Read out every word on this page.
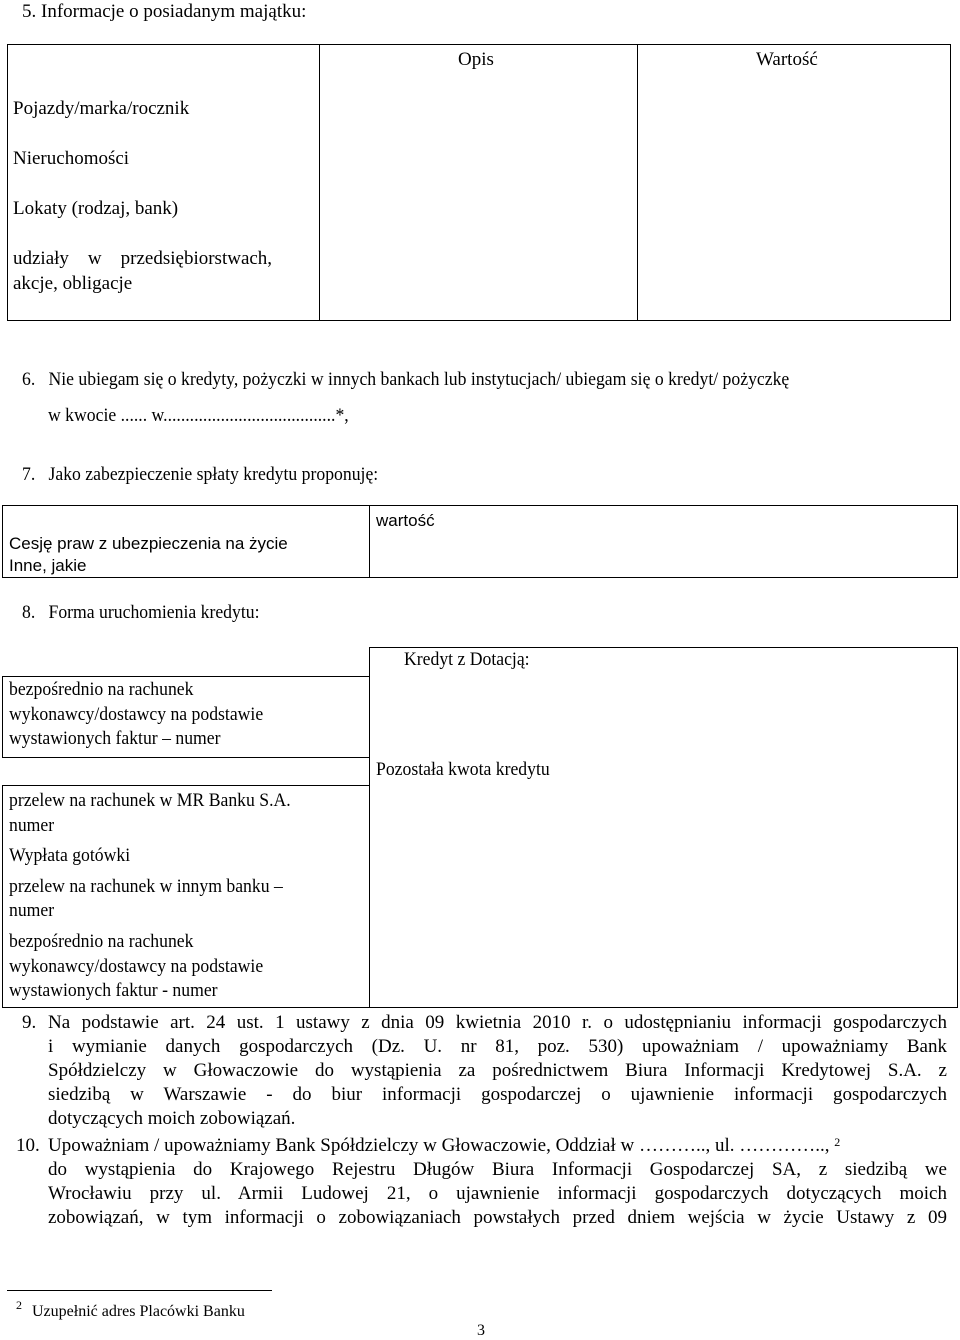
5. Informacje o posiadanym majątku:
Opis	Wartość
Pojazdy/marka/rocznik
Nieruchomości
Lokaty (rodzaj, bank)
udziały    w    przedsiębiorstwach,
akcje, obligacje
6.   Nie ubiegam się o kredyty, pożyczki w innych bankach lub instytucjach/ ubiegam się o kredyt/ pożyczkę
w kwocie ...... w.......................................*,
7.   Jako zabezpieczenie spłaty kredytu proponuję:
Cesję praw z ubezpieczenia na życie
Inne, jakie
wartość
8.   Forma uruchomienia kredytu:
bezpośrednio na rachunek
wykonawcy/dostawcy na podstawie
wystawionych faktur – numer
przelew na rachunek w MR Banku S.A.
numer
Wypłata gotówki
przelew na rachunek w innym banku –
numer
bezpośrednio na rachunek
wykonawcy/dostawcy na podstawie
wystawionych faktur - numer
Kredyt z Dotacją:
Pozostała kwota kredytu
9. Na podstawie art. 24 ust. 1 ustawy z dnia 09 kwietnia 2010 r. o udostępnianiu informacji gospodarczych
i wymianie danych gospodarczych (Dz. U. nr 81, poz. 530) upoważniam / upoważniamy Bank
Spółdzielczy w Głowaczowie do wystąpienia za pośrednictwem Biura Informacji Kredytowej S.A. z
siedzibą w Warszawie - do biur informacji gospodarczej o ujawnienie informacji gospodarczych
dotyczących moich zobowiązań.
10. Upoważniam / upoważniamy Bank Spółdzielczy w Głowaczowie, Oddział w ……….., ul. ………….., $^2$
do wystąpienia do Krajowego Rejestru Długów Biura Informacji Gospodarczej SA, z siedzibą we
Wrocławiu przy ul. Armii Ludowej 21, o ujawnienie informacji gospodarczych dotyczących moich
zobowiązań, w tym informacji o zobowiązaniach powstałych przed dniem wejścia w życie Ustawy z 09
2 Uzupełnić adres Placówki Banku
3
